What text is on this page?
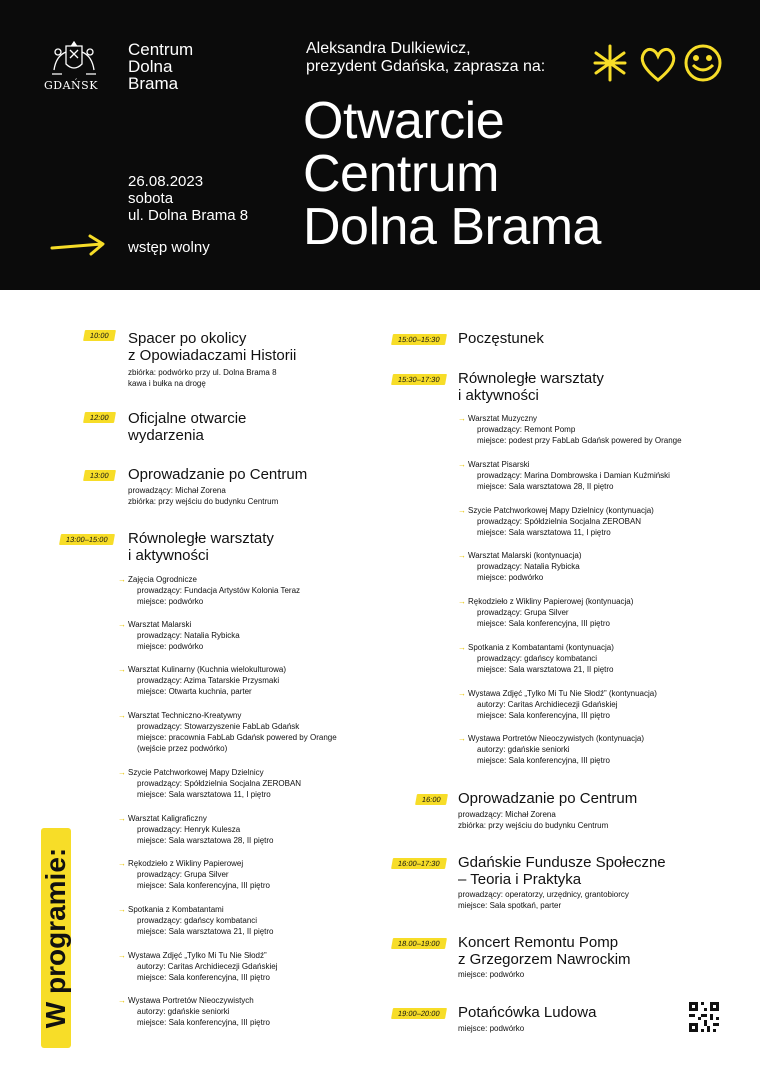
GDAŃSK
Centrum
Dolna
Brama
Aleksandra Dulkiewicz,
prezydent Gdańska, zaprasza na:
Otwarcie
Centrum
Dolna Brama
26.08.2023
sobota
ul. Dolna Brama 8
wstęp wolny
W programie:
10:00	Spacer po okolicy
z Opowiadaczami Historii
zbiórka: podwórko przy ul. Dolna Brama 8
kawa i bułka na drogę
12:00	Oficjalne otwarcie
wydarzenia
13:00	Oprowadzanie po Centrum
prowadzący: Michał Zorena
zbiórka: przy wejściu do budynku Centrum
13:00–15:00	Równoległe warsztaty
i aktywności
→ Zajęcia Ogrodnicze
prowadzący: Fundacja Artystów Kolonia Teraz
miejsce: podwórko
→ Warsztat Malarski
prowadzący: Natalia Rybicka
miejsce: podwórko
→ Warsztat Kulinarny (Kuchnia wielokulturowa)
prowadzący: Azima Tatarskie Przysmaki
miejsce: Otwarta kuchnia, parter
→ Warsztat Techniczno-Kreatywny
prowadzący: Stowarzyszenie FabLab Gdańsk
miejsce: pracownia FabLab Gdańsk powered by Orange
(wejście przez podwórko)
→ Szycie Patchworkowej Mapy Dzielnicy
prowadzący: Spółdzielnia Socjalna ZEROBAN
miejsce: Sala warsztatowa 11, I piętro
→ Warsztat Kaligraficzny
prowadzący: Henryk Kulesza
miejsce: Sala warsztatowa 28, II piętro
→ Rękodzieło z Wikliny Papierowej
prowadzący: Grupa Silver
miejsce: Sala konferencyjna, III piętro
→ Spotkania z Kombatantami
prowadzący: gdańscy kombatanci
miejsce: Sala warsztatowa 21, II piętro
→ Wystawa Zdjęć „Tylko Mi Tu Nie Słodź”
autorzy: Caritas Archidiecezji Gdańskiej
miejsce: Sala konferencyjna, III piętro
→ Wystawa Portretów Nieoczywistych
autorzy: gdańskie seniorki
miejsce: Sala konferencyjna, III piętro
15:00–15:30	Poczęstunek
15:30–17:30	Równoległe warsztaty
i aktywności
→ Warsztat Muzyczny
prowadzący: Remont Pomp
miejsce: podest przy FabLab Gdańsk powered by Orange
→ Warsztat Pisarski
prowadzący: Marina Dombrowska i Damian Kuźmiński
miejsce: Sala warsztatowa 28, II piętro
→ Szycie Patchworkowej Mapy Dzielnicy (kontynuacja)
prowadzący: Spółdzielnia Socjalna ZEROBAN
miejsce: Sala warsztatowa 11, I piętro
→ Warsztat Malarski (kontynuacja)
prowadzący: Natalia Rybicka
miejsce: podwórko
→ Rękodzieło z Wikliny Papierowej (kontynuacja)
prowadzący: Grupa Silver
miejsce: Sala konferencyjna, III piętro
→ Spotkania z Kombatantami (kontynuacja)
prowadzący: gdańscy kombatanci
miejsce: Sala warsztatowa 21, II piętro
→ Wystawa Zdjęć „Tylko Mi Tu Nie Słodź” (kontynuacja)
autorzy: Caritas Archidiecezji Gdańskiej
miejsce: Sala konferencyjna, III piętro
→ Wystawa Portretów Nieoczywistych (kontynuacja)
autorzy: gdańskie seniorki
miejsce: Sala konferencyjna, III piętro
16:00	Oprowadzanie po Centrum
prowadzący: Michał Zorena
zbiórka: przy wejściu do budynku Centrum
16:00–17:30	Gdańskie Fundusze Społeczne
– Teoria i Praktyka
prowadzący: operatorzy, urzędnicy, grantobiorcy
miejsce: Sala spotkań, parter
18.00–19:00	Koncert Remontu Pomp
z Grzegorzem Nawrockim
miejsce: podwórko
19:00–20:00	Potańcówka Ludowa
miejsce: podwórko
